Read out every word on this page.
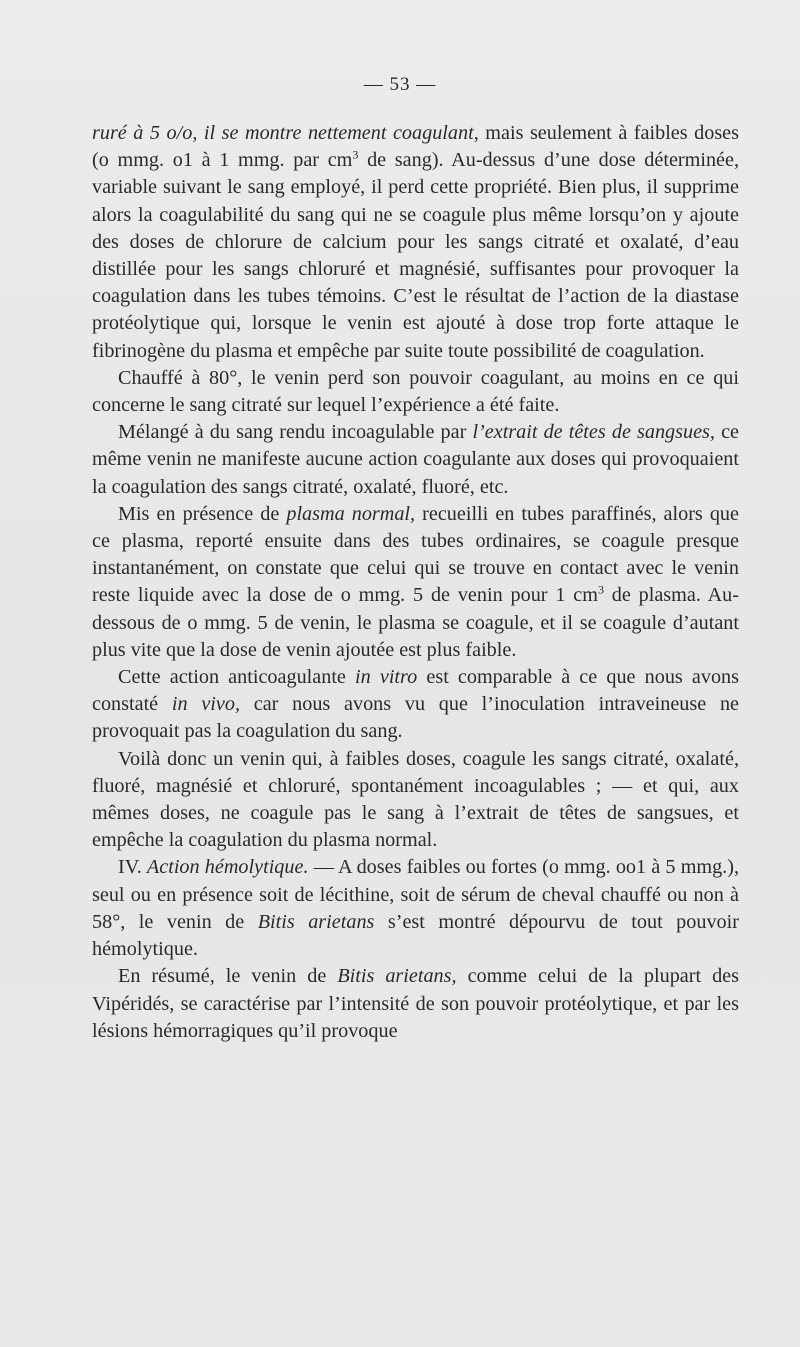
— 53 —

ruré à 5 o/o, il se montre nettement coagulant, mais seulement à faibles doses (o mmg. o1 à 1 mmg. par $cm^3$ de sang). Au-dessus d’une dose déterminée, variable suivant le sang employé, il perd cette propriété. Bien plus, il supprime alors la coagulabilité du sang qui ne se coagule plus même lorsqu’on y ajoute des doses de chlorure de calcium pour les sangs citraté et oxalaté, d’eau distillée pour les sangs chloruré et magnésié, suffisantes pour provoquer la coagulation dans les tubes témoins. C’est le résultat de l’action de la diastase protéolytique qui, lorsque le venin est ajouté à dose trop forte attaque le fibrinogène du plasma et empêche par suite toute possibilité de coagulation.

Chauffé à 80°, le venin perd son pouvoir coagulant, au moins en ce qui concerne le sang citraté sur lequel l’expérience a été faite.

Mélangé à du sang rendu incoagulable par l’extrait de têtes de sangsues, ce même venin ne manifeste aucune action coagulante aux doses qui provoquaient la coagulation des sangs citraté, oxalaté, fluoré, etc.

Mis en présence de plasma normal, recueilli en tubes paraffinés, alors que ce plasma, reporté ensuite dans des tubes ordinaires, se coagule presque instantanément, on constate que celui qui se trouve en contact avec le venin reste liquide avec la dose de o mmg. 5 de venin pour 1 $cm^3$ de plasma. Au-dessous de o mmg. 5 de venin, le plasma se coagule, et il se coagule d’autant plus vite que la dose de venin ajoutée est plus faible.

Cette action anticoagulante in vitro est comparable à ce que nous avons constaté in vivo, car nous avons vu que l’inoculation intraveineuse ne provoquait pas la coagulation du sang.

Voilà donc un venin qui, à faibles doses, coagule les sangs citraté, oxalaté, fluoré, magnésié et chloruré, spontanément incoagulables ; — et qui, aux mêmes doses, ne coagule pas le sang à l’extrait de têtes de sangsues, et empêche la coagulation du plasma normal.

IV. Action hémolytique. — A doses faibles ou fortes (o mmg. oo1 à 5 mmg.), seul ou en présence soit de lécithine, soit de sérum de cheval chauffé ou non à 58°, le venin de Bitis arietans s’est montré dépourvu de tout pouvoir hémolytique.

En résumé, le venin de Bitis arietans, comme celui de la plupart des Vipéridés, se caractérise par l’intensité de son pouvoir protéolytique, et par les lésions hémorragiques qu’il provoque
